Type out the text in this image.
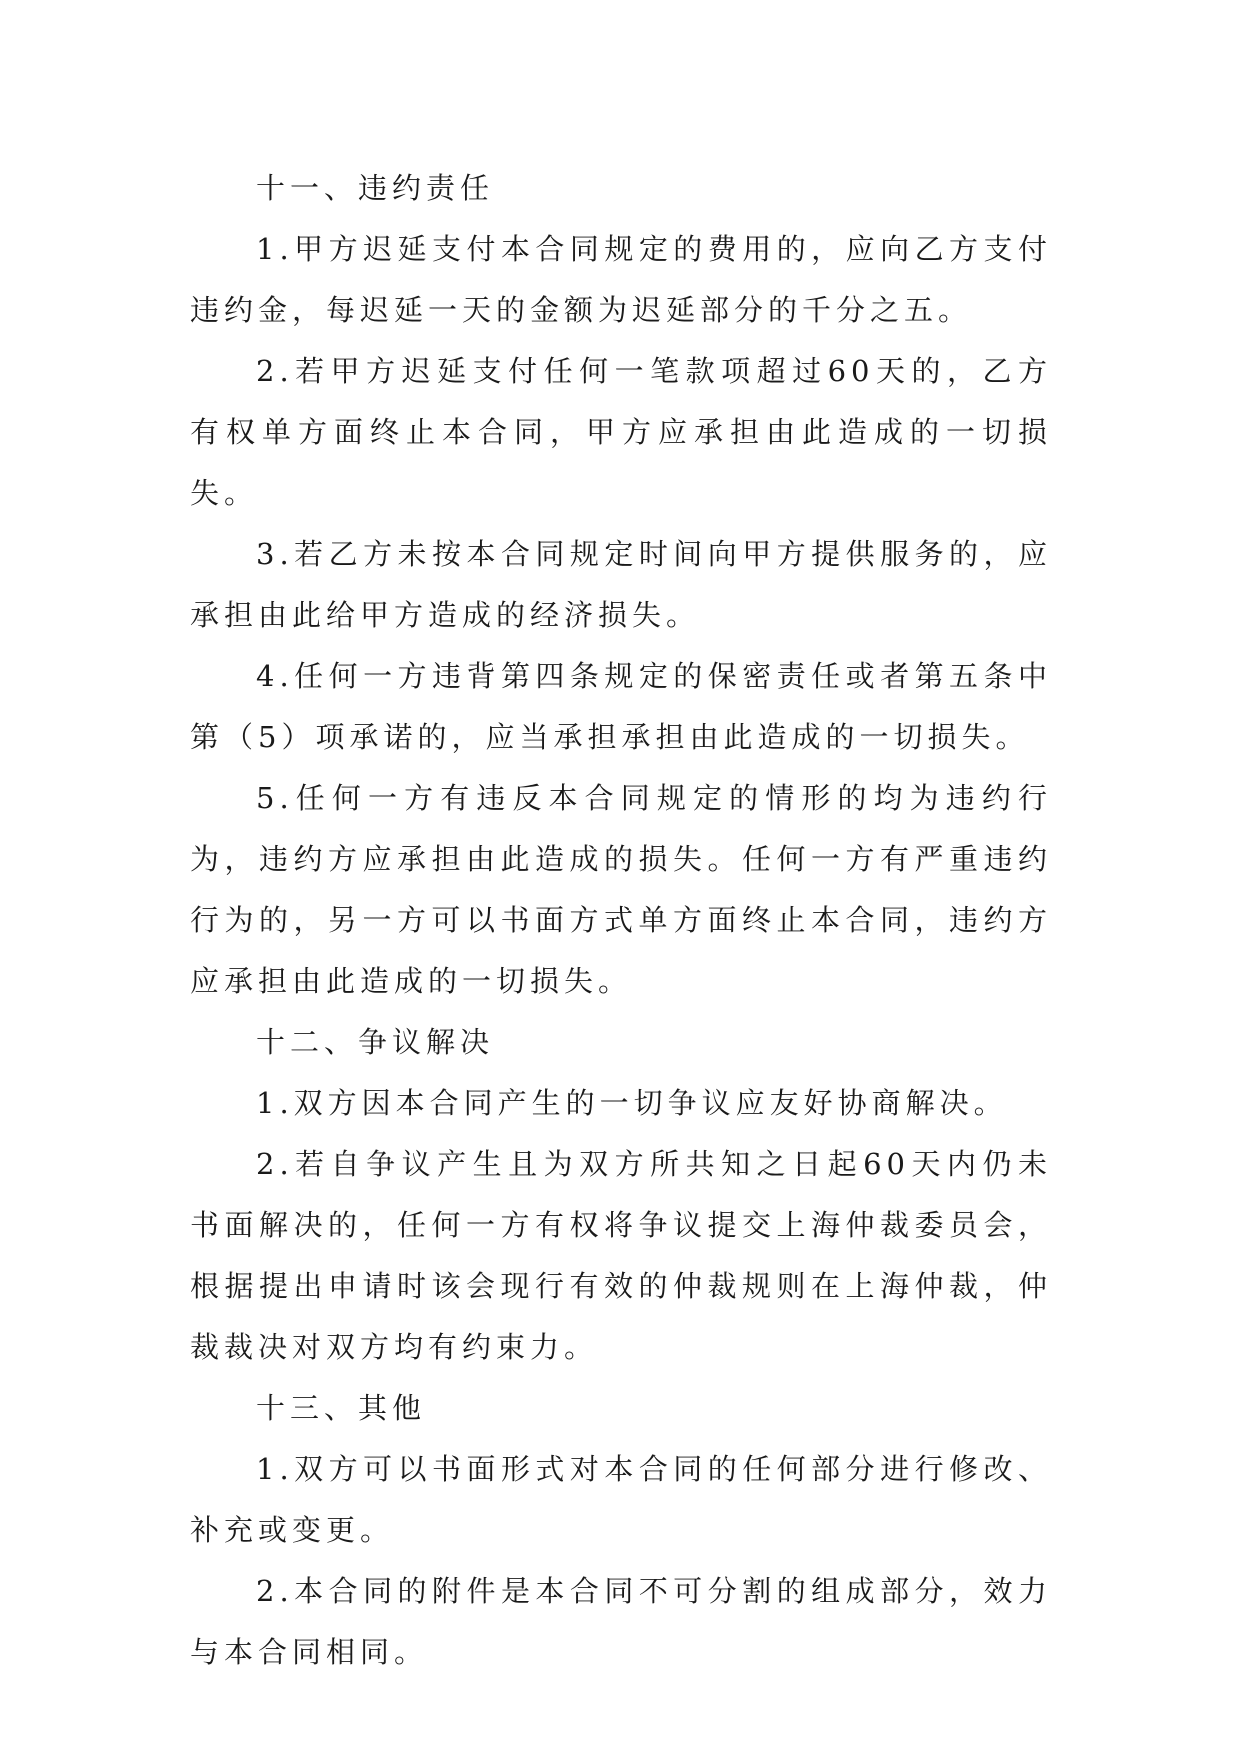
十一、违约责任

1.甲方迟延支付本合同规定的费用的，应向乙方支付违约金，每迟延一天的金额为迟延部分的千分之五。

2.若甲方迟延支付任何一笔款项超过60天的，乙方有权单方面终止本合同，甲方应承担由此造成的一切损失。

3.若乙方未按本合同规定时间向甲方提供服务的，应承担由此给甲方造成的经济损失。

4.任何一方违背第四条规定的保密责任或者第五条中第（5）项承诺的，应当承担承担由此造成的一切损失。

5.任何一方有违反本合同规定的情形的均为违约行为，违约方应承担由此造成的损失。任何一方有严重违约行为的，另一方可以书面方式单方面终止本合同，违约方应承担由此造成的一切损失。

十二、争议解决

1.双方因本合同产生的一切争议应友好协商解决。

2.若自争议产生且为双方所共知之日起60天内仍未书面解决的，任何一方有权将争议提交上海仲裁委员会，根据提出申请时该会现行有效的仲裁规则在上海仲裁，仲裁裁决对双方均有约束力。

十三、其他

1.双方可以书面形式对本合同的任何部分进行修改、补充或变更。

2.本合同的附件是本合同不可分割的组成部分，效力与本合同相同。
